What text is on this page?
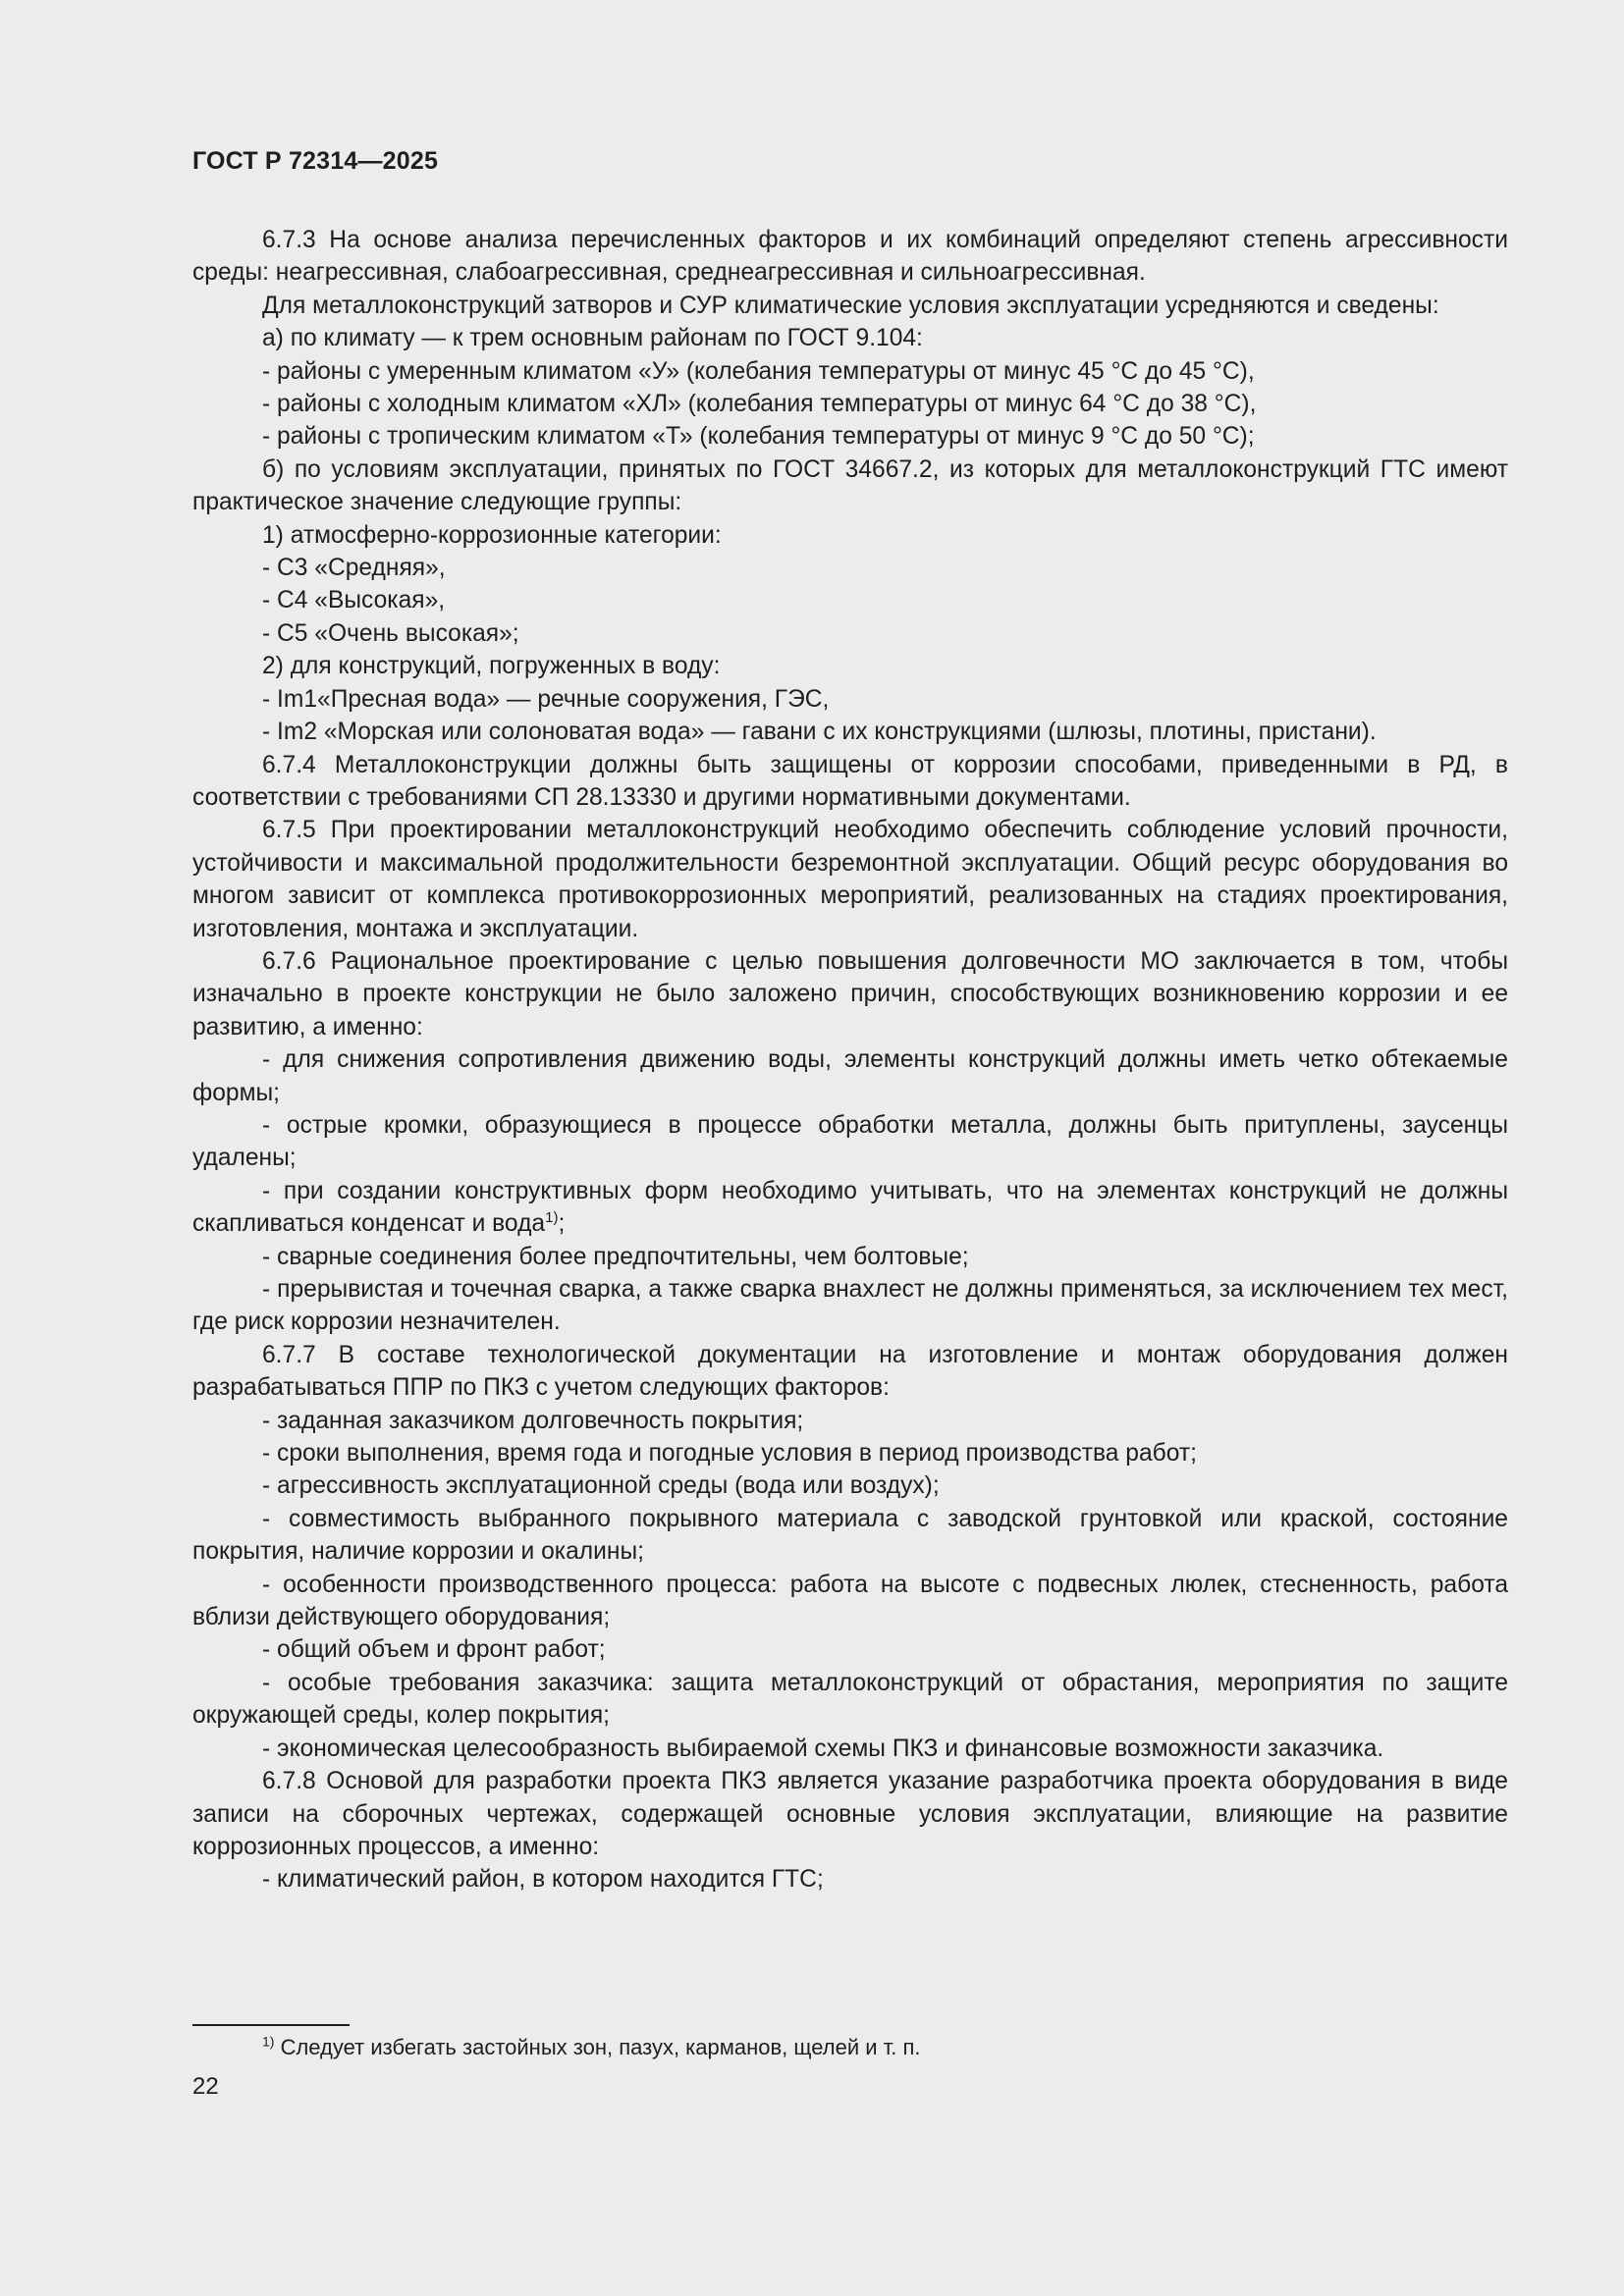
ГОСТ Р 72314—2025

6.7.3 На основе анализа перечисленных факторов и их комбинаций определяют степень агрессивности среды: неагрессивная, слабоагрессивная, среднеагрессивная и сильноагрессивная.

Для металлоконструкций затворов и СУР климатические условия эксплуатации усредняются и сведены:

а) по климату — к трем основным районам по ГОСТ 9.104:

- районы с умеренным климатом «У» (колебания температуры от минус 45 °С до 45 °С),

- районы с холодным климатом «ХЛ» (колебания температуры от минус 64 °С до 38 °С),

- районы с тропическим климатом «Т» (колебания температуры от минус 9 °С до 50 °С);

б) по условиям эксплуатации, принятых по ГОСТ 34667.2, из которых для металлоконструкций ГТС имеют практическое значение следующие группы:

1) атмосферно-коррозионные категории:

- С3 «Средняя»,

- С4 «Высокая»,

- С5 «Очень высокая»;

2) для конструкций, погруженных в воду:

- Im1«Пресная вода» — речные сооружения, ГЭС,

- Im2 «Морская или солоноватая вода» — гавани с их конструкциями (шлюзы, плотины, пристани).

6.7.4 Металлоконструкции должны быть защищены от коррозии способами, приведенными в РД, в соответствии с требованиями СП 28.13330 и другими нормативными документами.

6.7.5 При проектировании металлоконструкций необходимо обеспечить соблюдение условий прочности, устойчивости и максимальной продолжительности безремонтной эксплуатации. Общий ресурс оборудования во многом зависит от комплекса противокоррозионных мероприятий, реализованных на стадиях проектирования, изготовления, монтажа и эксплуатации.

6.7.6 Рациональное проектирование с целью повышения долговечности МО заключается в том, чтобы изначально в проекте конструкции не было заложено причин, способствующих возникновению коррозии и ее развитию, а именно:

- для снижения сопротивления движению воды, элементы конструкций должны иметь четко обтекаемые формы;

- острые кромки, образующиеся в процессе обработки металла, должны быть притуплены, заусенцы удалены;

- при создании конструктивных форм необходимо учитывать, что на элементах конструкций не должны скапливаться конденсат и вода$^{1)}$;

- сварные соединения более предпочтительны, чем болтовые;

- прерывистая и точечная сварка, а также сварка внахлест не должны применяться, за исключением тех мест, где риск коррозии незначителен.

6.7.7 В составе технологической документации на изготовление и монтаж оборудования должен разрабатываться ППР по ПКЗ с учетом следующих факторов:

- заданная заказчиком долговечность покрытия;

- сроки выполнения, время года и погодные условия в период производства работ;

- агрессивность эксплуатационной среды (вода или воздух);

- совместимость выбранного покрывного материала с заводской грунтовкой или краской, состояние покрытия, наличие коррозии и окалины;

- особенности производственного процесса: работа на высоте с подвесных люлек, стесненность, работа вблизи действующего оборудования;

- общий объем и фронт работ;

- особые требования заказчика: защита металлоконструкций от обрастания, мероприятия по защите окружающей среды, колер покрытия;

- экономическая целесообразность выбираемой схемы ПКЗ и финансовые возможности заказчика.

6.7.8 Основой для разработки проекта ПКЗ является указание разработчика проекта оборудования в виде записи на сборочных чертежах, содержащей основные условия эксплуатации, влияющие на развитие коррозионных процессов, а именно:

- климатический район, в котором находится ГТС;

$^{1)}$ Следует избегать застойных зон, пазух, карманов, щелей и т. п.
22
